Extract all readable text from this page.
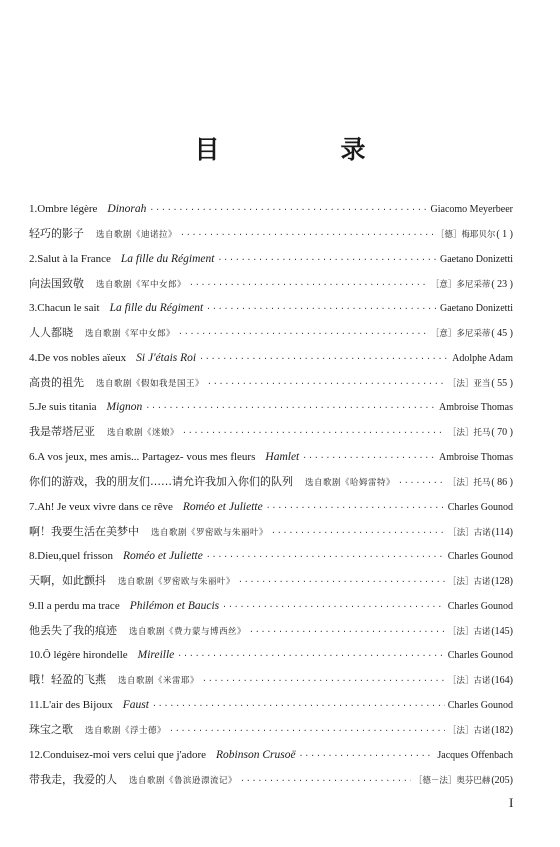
目　录
1. Ombre légère Dinorah ·····	Giacomo Meyerbeer
轻巧的影子 选自歌剧《迪诺拉》 ·····	［德］梅耶贝尔 ( 1 )
2. Salut à la France La fille du Régiment ·····	Gaetano Donizetti
向法国致敬 选自歌剧《军中女郎》 ·····	［意］多尼采蒂 ( 23 )
3. Chacun le sait La fille du Régiment ·····	Gaetano Donizetti
人人都晓 选自歌剧《军中女郎》 ·····	［意］多尼采蒂 ( 45 )
4. De vos nobles aïeux Si J'étais Roi ·····	Adolphe Adam
高贵的祖先 选自歌剧《假如我是国王》 ·····	［法］亚当 ( 55 )
5. Je suis titania Mignon ·····	Ambroise Thomas
我是蒂塔尼亚 选自歌剧《迷娘》 ·····	［法］托马 ( 70 )
6. A vos jeux, mes amis... Partagez- vous mes fleurs Hamlet ·····	Ambroise Thomas
你们的游戏，我的朋友们……请允许我加入你们的队列 选自歌剧《哈姆雷特》 ·····	［法］托马 ( 86 )
7. Ah! Je veux vivre dans ce rêve Roméo et Juliette ·····	Charles Gounod
啊！我要生活在美梦中 选自歌剧《罗密欧与朱丽叶》 ·····	［法］古诺 (114)
8. Dieu,quel frisson Roméo et Juliette ·····	Charles Gounod
天啊，如此颤抖 选自歌剧《罗密欧与朱丽叶》 ·····	［法］古诺 (128)
9. Il a perdu ma trace Philémon et Baucis ·····	Charles Gounod
他丢失了我的痕迹 选自歌剧《费力蒙与博西丝》 ·····	［法］古诺 (145)
10. Ô légère hirondelle Mireille ·····	Charles Gounod
哦！轻盈的飞燕 选自歌剧《米雷耶》 ·····	［法］古诺 (164)
11. L'air des Bijoux Faust ·····	Charles Gounod
珠宝之歌 选自歌剧《浮士德》 ·····	［法］古诺 (182)
12. Conduisez-moi vers celui que j'adore Robinson Crusoë ·····	Jacques Offenbach
带我走，我爱的人 选自歌剧《鲁滨逊漂流记》 ·····	［德－法］奥芬巴赫 (205)
I
